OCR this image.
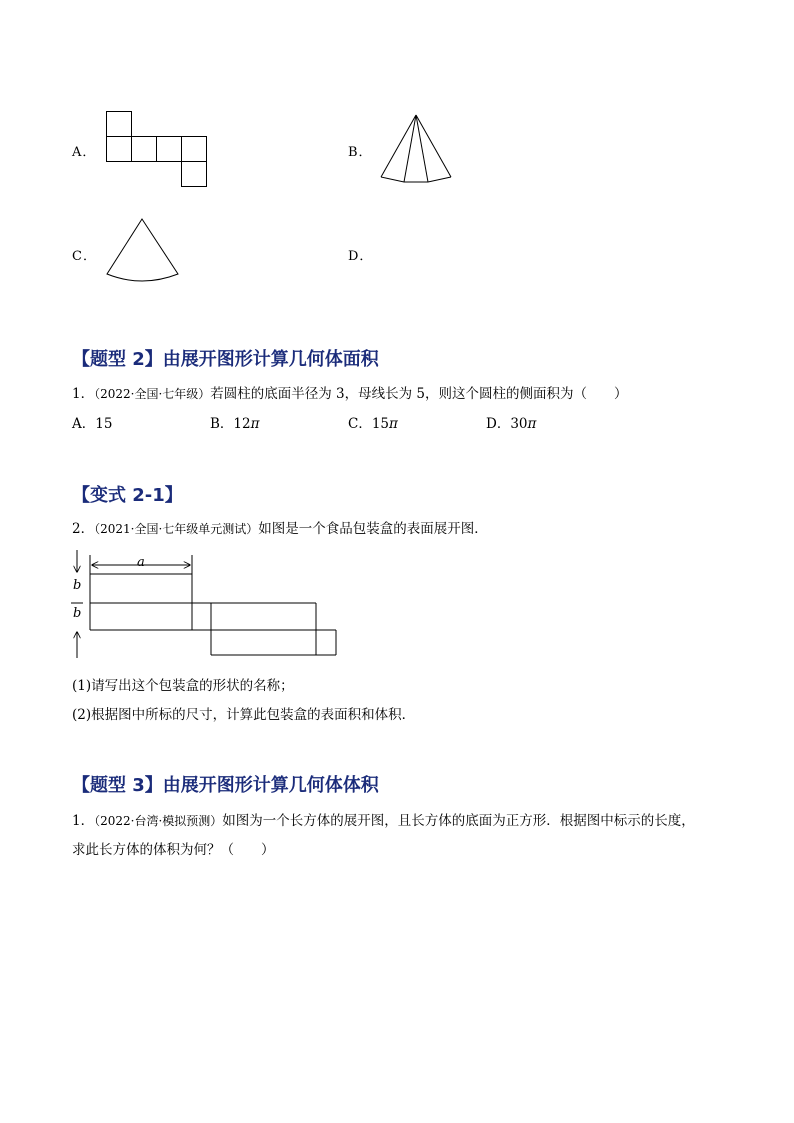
A．	B．
C．	D．
【题型 2】由展开图形计算几何体面积
1．（2022·全国·七年级）若圆柱的底面半径为 3，母线长为 5，则这个圆柱的侧面积为（　　）
A．15	B．12π	C．15π	D．30π
【变式 2-1】
2．（2021·全国·七年级单元测试）如图是一个食品包装盒的表面展开图．
a
b
b
(1)请写出这个包装盒的形状的名称；
(2)根据图中所标的尺寸，计算此包装盒的表面积和体积．
【题型 3】由展开图形计算几何体体积
1．（2022·台湾·模拟预测）如图为一个长方体的展开图，且长方体的底面为正方形．根据图中标示的长度，
求此长方体的体积为何？（　　）
